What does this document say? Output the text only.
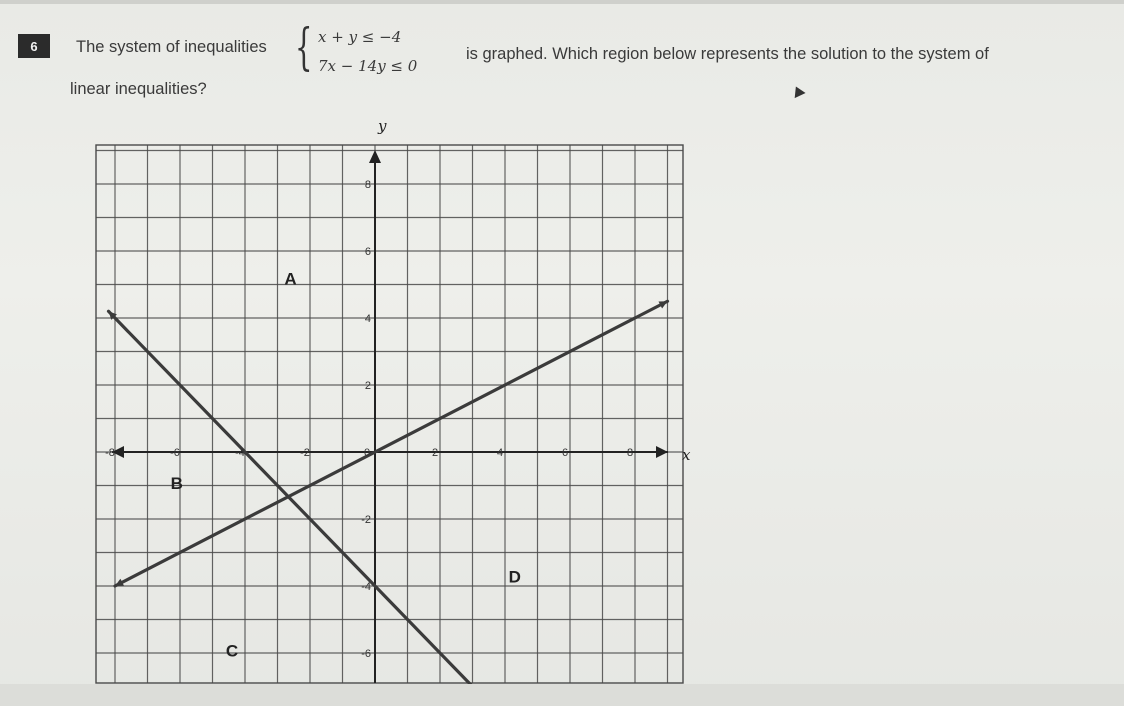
6	The system of inequalities { x + y ≤ −4
7x − 14y ≤ 0
is graphed. Which region below represents the solution to the system of
linear inequalities?
x
y
-8	-6	-4	-2	0	2	4	6	8
8
6
4
2
-2
-4
-6
A
B
C
D
